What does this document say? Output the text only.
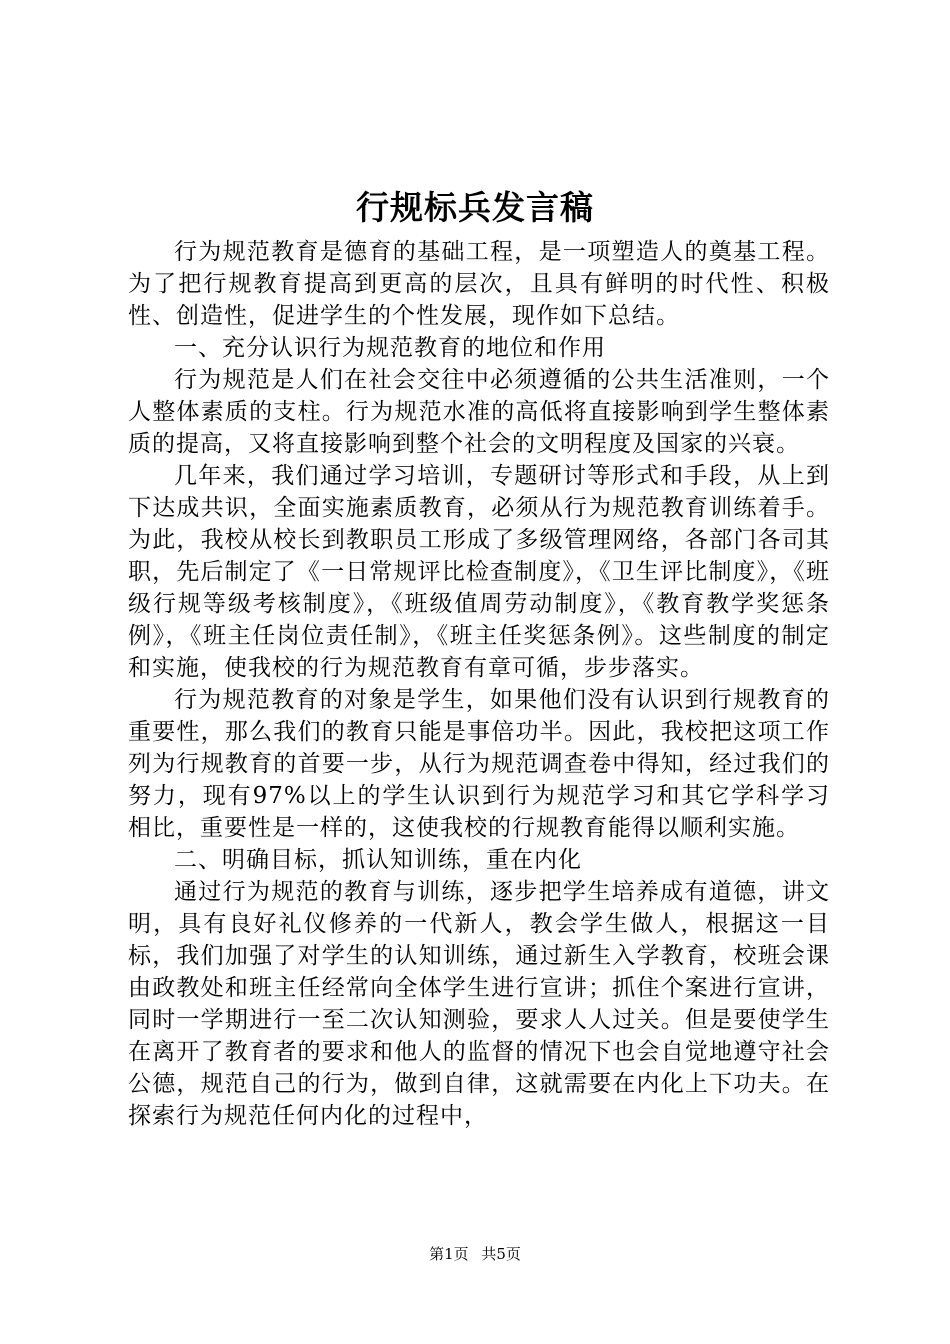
行规标兵发言稿

行为规范教育是德育的基础工程，是一项塑造人的奠基工程。为了把行规教育提高到更高的层次，且具有鲜明的时代性、积极性、创造性，促进学生的个性发展，现作如下总结。

一、充分认识行为规范教育的地位和作用

行为规范是人们在社会交往中必须遵循的公共生活准则，一个人整体素质的支柱。行为规范水准的高低将直接影响到学生整体素质的提高，又将直接影响到整个社会的文明程度及国家的兴衰。

几年来，我们通过学习培训，专题研讨等形式和手段，从上到下达成共识，全面实施素质教育，必须从行为规范教育训练着手。为此，我校从校长到教职员工形成了多级管理网络，各部门各司其职，先后制定了《一日常规评比检查制度》，《卫生评比制度》，《班级行规等级考核制度》，《班级值周劳动制度》，《教育教学奖惩条例》，《班主任岗位责任制》，《班主任奖惩条例》。这些制度的制定和实施，使我校的行为规范教育有章可循，步步落实。

行为规范教育的对象是学生，如果他们没有认识到行规教育的重要性，那么我们的教育只能是事倍功半。因此，我校把这项工作列为行规教育的首要一步，从行为规范调查卷中得知，经过我们的努力，现有97%以上的学生认识到行为规范学习和其它学科学习相比，重要性是一样的，这使我校的行规教育能得以顺利实施。

二、明确目标，抓认知训练，重在内化

通过行为规范的教育与训练，逐步把学生培养成有道德，讲文明，具有良好礼仪修养的一代新人，教会学生做人，根据这一目标，我们加强了对学生的认知训练，通过新生入学教育，校班会课由政教处和班主任经常向全体学生进行宣讲；抓住个案进行宣讲，同时一学期进行一至二次认知测验，要求人人过关。但是要使学生在离开了教育者的要求和他人的监督的情况下也会自觉地遵守社会公德，规范自己的行为，做到自律，这就需要在内化上下功夫。在探索行为规范任何内化的过程中，

第1页 共5页
